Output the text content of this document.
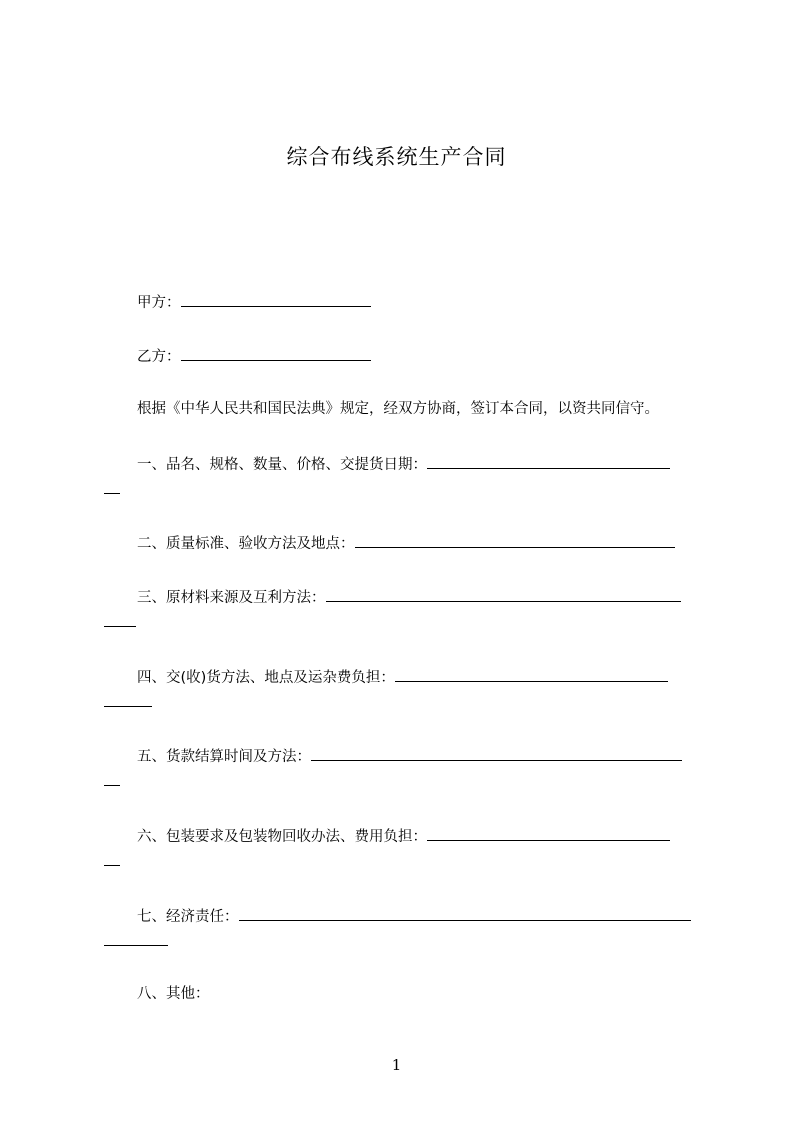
综合布线系统生产合同
甲方：
乙方：
根据《中华人民共和国民法典》规定，经双方协商，签订本合同，以资共同信守。
一、品名、规格、数量、价格、交提货日期：
二、质量标准、验收方法及地点：
三、原材料来源及互利方法：
四、交(收)货方法、地点及运杂费负担：
五、货款结算时间及方法：
六、包装要求及包装物回收办法、费用负担：
七、经济责任：
八、其他：
1
